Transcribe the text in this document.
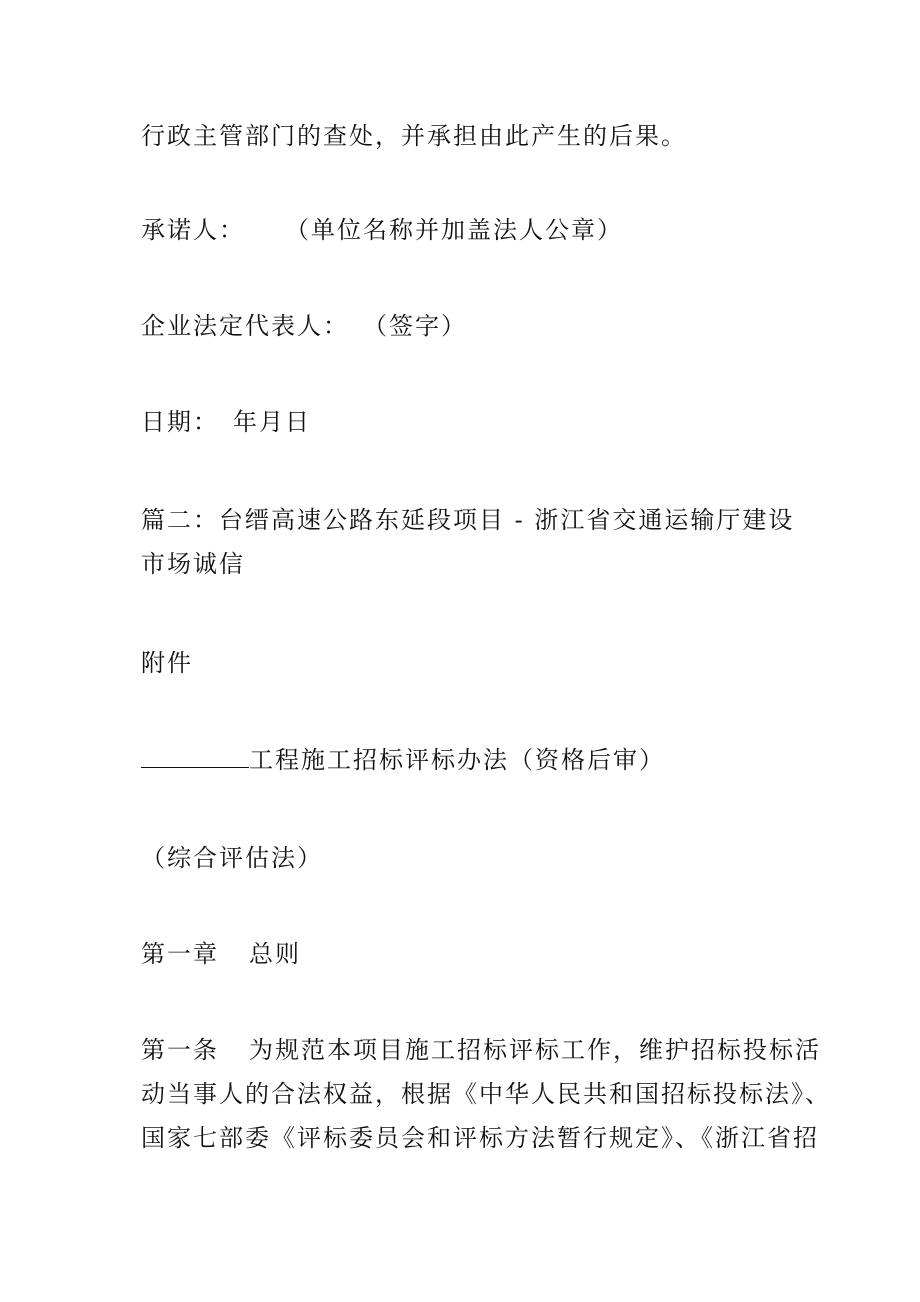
行政主管部门的查处，并承担由此产生的后果。

承诺人： （单位名称并加盖法人公章）

企业法定代表人： （签字）

日期： 年月日

篇二：台缙高速公路东延段项目 - 浙江省交通运输厅建设
市场诚信

附件

工程施工招标评标办法（资格后审）

（综合评估法）

第一章 总则

第一条 为规范本项目施工招标评标工作，维护招标投标活
动当事人的合法权益，根据《中华人民共和国招标投标法》、
国家七部委《评标委员会和评标方法暂行规定》、《浙江省招
